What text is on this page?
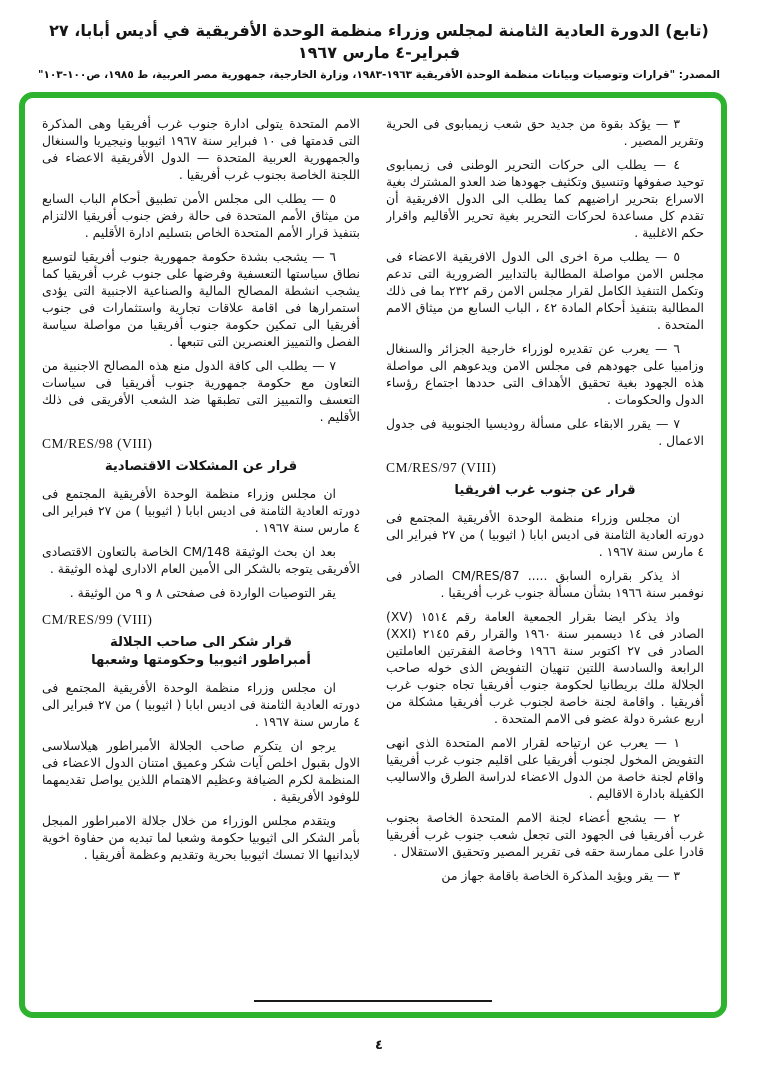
(تابع) الدورة العادية الثامنة لمجلس وزراء منظمة الوحدة الأفريقية في أديس أبابا، ٢٧ فبراير-٤ مارس ١٩٦٧
المصدر: "قرارات وتوصيات وبيانات منظمة الوحدة الأفريقية ١٩٦٣-١٩٨٣، وزارة الخارجية، جمهورية مصر العربية، ط ١٩٨٥، ص١٠٠-١٠٣"

٣ — يؤكد بقوة من جديد حق شعب زيمبابوى فى الحرية وتقرير المصير .

٤ — يطلب الى حركات التحرير الوطنى فى زيمبابوى توحيد صفوفها وتنسيق وتكثيف جهودها ضد العدو المشترك بغية الاسراع بتحرير اراضيهم كما يطلب الى الدول الافريقية أن تقدم كل مساعدة لحركات التحرير بغية تحرير الأقاليم واقرار حكم الاغلبية .

٥ — يطلب مرة اخرى الى الدول الافريقية الاعضاء فى مجلس الامن مواصلة المطالبة بالتدابير الضرورية التى تدعم وتكمل التنفيذ الكامل لقرار مجلس الامن رقم ٢٣٢ بما فى ذلك المطالبة بتنفيذ أحكام المادة ٤٢ ، الباب السابع من ميثاق الامم المتحدة .

٦ — يعرب عن تقديره لوزراء خارجية الجزائر والسنغال وزامبيا على جهودهم فى مجلس الامن ويدعوهم الى مواصلة هذه الجهود بغية تحقيق الأهداف التى حددها اجتماع رؤساء الدول والحكومات .

٧ — يقرر الابقاء على مسألة روديسيا الجنوبية فى جدول الاعمال .

CM/RES/97 (VIII)
قرار عن جنوب غرب افريقيا

ان مجلس وزراء منظمة الوحدة الأفريقية المجتمع فى دورته العادية الثامنة فى اديس ابابا ( اثيوبيا ) من ٢٧ فبراير الى ٤ مارس سنة ١٩٦٧ .

اذ يذكر بقراره السابق ..... CM/RES/87 الصادر فى نوفمبر سنة ١٩٦٦ بشأن مسألة جنوب غرب أفريقيا .

واذ يذكر ايضا بقرار الجمعية العامة رقم ١٥١٤ (XV) الصادر فى ١٤ ديسمبر سنة ١٩٦٠ والقرار رقم ٢١٤٥ (XXI) الصادر فى ٢٧ اكتوبر سنة ١٩٦٦ وخاصة الفقرتين العاملتين الرابعة والسادسة اللتين تنهيان التفويض الذى خوله صاحب الجلالة ملك بريطانيا لحكومة جنوب أفريقيا تجاه جنوب غرب أفريقيا . واقامة لجنة خاصة لجنوب غرب أفريقيا مشكلة من اربع عشرة دولة عضو فى الامم المتحدة .

١ — يعرب عن ارتياحه لقرار الامم المتحدة الذى انهى التفويض المخول لجنوب أفريقيا على اقليم جنوب غرب أفريقيا واقام لجنة خاصة من الدول الاعضاء لدراسة الطرق والاساليب الكفيلة بادارة الاقاليم .

٢ — يشجع أعضاء لجنة الامم المتحدة الخاصة بجنوب غرب أفريقيا فى الجهود التى تجعل شعب جنوب غرب أفريقيا قادرا على ممارسة حقه فى تقرير المصير وتحقيق الاستقلال .

٣ — يقر ويؤيد المذكرة الخاصة باقامة جهاز من

الامم المتحدة يتولى ادارة جنوب غرب أفريقيا وهى المذكرة التى قدمتها فى ١٠ فبراير سنة ١٩٦٧ اثيوبيا ونيجيريا والسنغال والجمهورية العربية المتحدة — الدول الأفريقية الاعضاء فى اللجنة الخاصة بجنوب غرب أفريقيا .

٥ — يطلب الى مجلس الأمن تطبيق أحكام الباب السابع من ميثاق الأمم المتحدة فى حالة رفض جنوب أفريقيا الالتزام بتنفيذ قرار الأمم المتحدة الخاص بتسليم ادارة الأقليم .

٦ — يشجب بشدة حكومة جمهورية جنوب أفريقيا لتوسيع نطاق سياستها التعسفية وفرضها على جنوب غرب أفريقيا كما يشجب انشطة المصالح المالية والصناعية الاجنبية التى يؤدى استمرارها فى اقامة علاقات تجارية واستثمارات فى جنوب أفريقيا الى تمكين حكومة جنوب أفريقيا من مواصلة سياسة الفصل والتمييز العنصرين التى تتبعها .

٧ — يطلب الى كافة الدول منع هذه المصالح الاجنبية من التعاون مع حكومة جمهورية جنوب أفريقيا فى سياسات التعسف والتمييز التى تطبقها ضد الشعب الأفريقى فى ذلك الأقليم .

CM/RES/98 (VIII)
قرار عن المشكلات الاقتصادية

ان مجلس وزراء منظمة الوحدة الأفريقية المجتمع فى دورته العادية الثامنة فى اديس ابابا ( اثيوبيا ) من ٢٧ فبراير الى ٤ مارس سنة ١٩٦٧ .

بعد ان بحث الوثيقة CM/148 الخاصة بالتعاون الاقتصادى الأفريقى يتوجه بالشكر الى الأمين العام الادارى لهذه الوثيقة .

يقر التوصيات الواردة فى صفحتى ٨ و ٩ من الوثيقة .

CM/RES/99 (VIII)
قرار شكر الى صاحب الجلالة
أمبراطور اثيوبيا وحكومتها وشعبها

ان مجلس وزراء منظمة الوحدة الأفريقية المجتمع فى دورته العادية الثامنة فى اديس ابابا ( اثيوبيا ) من ٢٧ فبراير الى ٤ مارس سنة ١٩٦٧ .

يرجو ان يتكرم صاحب الجلالة الأمبراطور هيلاسلاسى الاول بقبول اخلص آيات شكر وعميق امتنان الدول الاعضاء فى المنظمة لكرم الضيافة وعظيم الاهتمام اللذين يواصل تقديمهما للوفود الأفريقية .

ويتقدم مجلس الوزراء من خلال جلالة الامبراطور المبجل بأمر الشكر الى اثيوبيا حكومة وشعبا لما تبديه من حفاوة اخوية لايدانيها الا تمسك اثيوبيا بحرية وتقديم وعظمة أفريقيا .

٤
